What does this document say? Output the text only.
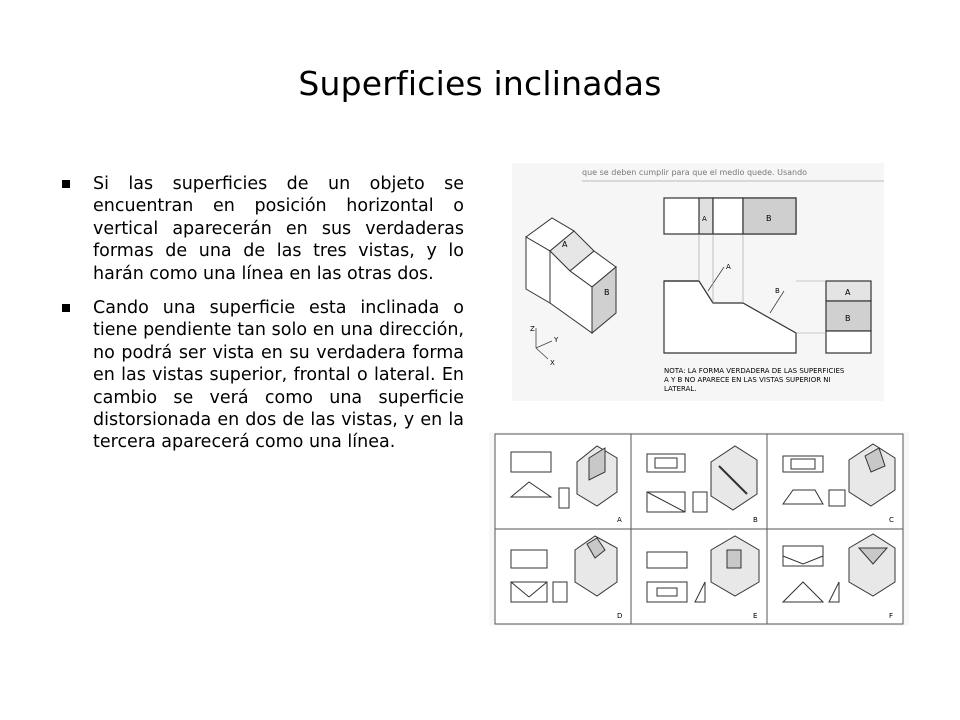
Superficies inclinadas
Si las superficies de un objeto se encuentran en posición horizontal o vertical aparecerán en sus verdaderas formas de una de las tres vistas, y lo harán como una línea en las otras dos.
Cando una superficie esta inclinada o tiene pendiente tan solo en una dirección, no podrá ser vista en su verdadera forma en las vistas superior, frontal o lateral. En cambio se verá como una superficie distorsionada en dos de las vistas, y en la tercera aparecerá como una línea.
que se deben cumplir para que el medio quede. Usando
A
B
Z
Y
X
A	B
A
B	A
B
NOTA: LA FORMA VERDADERA DE LAS SUPERFICIES
A Y B NO APARECE EN LAS VISTAS SUPERIOR NI
LATERAL.
A	B	C
D	E	F
